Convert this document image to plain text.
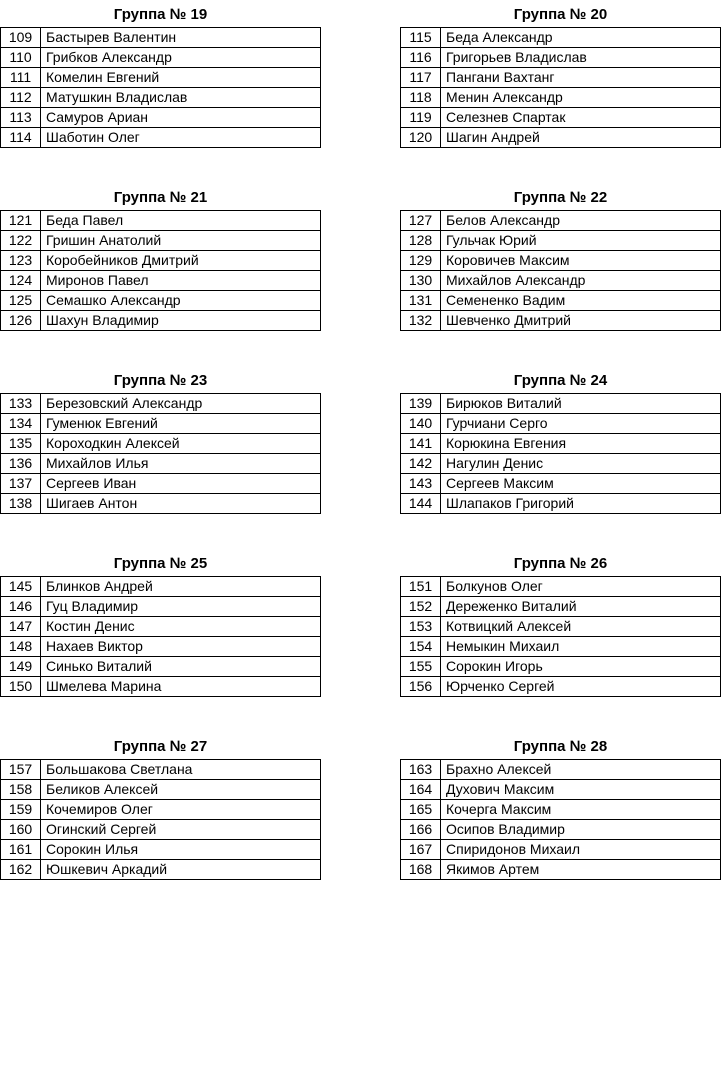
Группа № 19
109	Бастырев Валентин
110	Грибков Александр
111	Комелин Евгений
112	Матушкин Владислав
113	Самуров Ариан
114	Шаботин Олег
Группа № 20
115	Беда Александр
116	Григорьев Владислав
117	Пангани Вахтанг
118	Менин Александр
119	Селезнев Спартак
120	Шагин Андрей
Группа № 21
121	Беда Павел
122	Гришин Анатолий
123	Коробейников Дмитрий
124	Миронов Павел
125	Семашко Александр
126	Шахун Владимир
Группа № 22
127	Белов Александр
128	Гульчак Юрий
129	Коровичев Максим
130	Михайлов Александр
131	Семененко Вадим
132	Шевченко Дмитрий
Группа № 23
133	Березовский Александр
134	Гуменюк Евгений
135	Короходкин Алексей
136	Михайлов Илья
137	Сергеев Иван
138	Шигаев Антон
Группа № 24
139	Бирюков Виталий
140	Гурчиани Серго
141	Корюкина Евгения
142	Нагулин Денис
143	Сергеев Максим
144	Шлапаков Григорий
Группа № 25
145	Блинков Андрей
146	Гуц Владимир
147	Костин Денис
148	Нахаев Виктор
149	Синько Виталий
150	Шмелева Марина
Группа № 26
151	Болкунов Олег
152	Дереженко Виталий
153	Котвицкий Алексей
154	Немыкин Михаил
155	Сорокин Игорь
156	Юрченко Сергей
Группа № 27
157	Большакова Светлана
158	Беликов Алексей
159	Кочемиров Олег
160	Огинский Сергей
161	Сорокин Илья
162	Юшкевич Аркадий
Группа № 28
163	Брахно Алексей
164	Духович Максим
165	Кочерга Максим
166	Осипов Владимир
167	Спиридонов Михаил
168	Якимов Артем
